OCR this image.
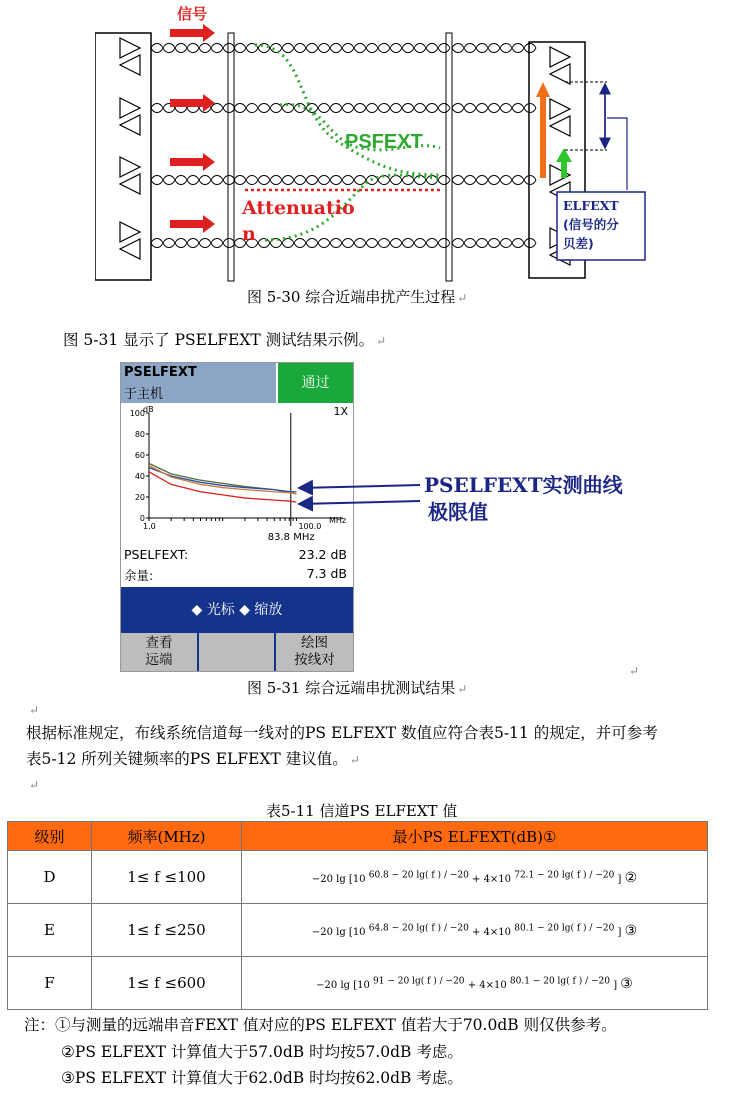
PSFEXT
Attenuatio
n
信号
ELFEXT
(信号的分
贝差)
图 5-30 综合近端串扰产生过程 ↵
图 5-31 显示了 PSELFEXT 测试结果示例。 ↵
PSELFEXT
于主机
通过
1X
100
80
60
40
20
0
1.0	100.0
dB
MHz
83.8 MHz
PSELFEXT:	23.2 dB
余量:	7.3 dB
◆ 光标 ◆ 缩放
查看
远端
绘图
按线对
PSELFEXT实测曲线
极限值
↵
图 5-31 综合远端串扰测试结果 ↵
↵
根据标准规定，布线系统信道每一线对的PS ELFEXT 数值应符合表5-11 的规定，并可参考
表5-12 所列关键频率的PS ELFEXT 建议值。 ↵
↵
表5-11 信道PS ELFEXT 值
级别	频率(MHz)	最小PS ELFEXT(dB)①
D	1≤ f ≤100	−20 lg [10 $^{60.8 - 20 lg( f ) / -20}$ + 4×10 $^{72.1 - 20 lg( f ) / -20}$ ] ②
E	1≤ f ≤250	−20 lg [10 $^{64.8 - 20 lg( f ) / -20}$ + 4×10 $^{80.1 - 20 lg( f ) / -20}$ ] ③
F	1≤ f ≤600	−20 lg [10 $^{91 - 20 lg( f ) / -20}$ + 4×10 $^{80.1 - 20 lg( f ) / -20}$ ] ③
注：①与测量的远端串音FEXT 值对应的PS ELFEXT 值若大于70.0dB 则仅供参考。
②PS ELFEXT 计算值大于57.0dB 时均按57.0dB 考虑。
③PS ELFEXT 计算值大于62.0dB 时均按62.0dB 考虑。
